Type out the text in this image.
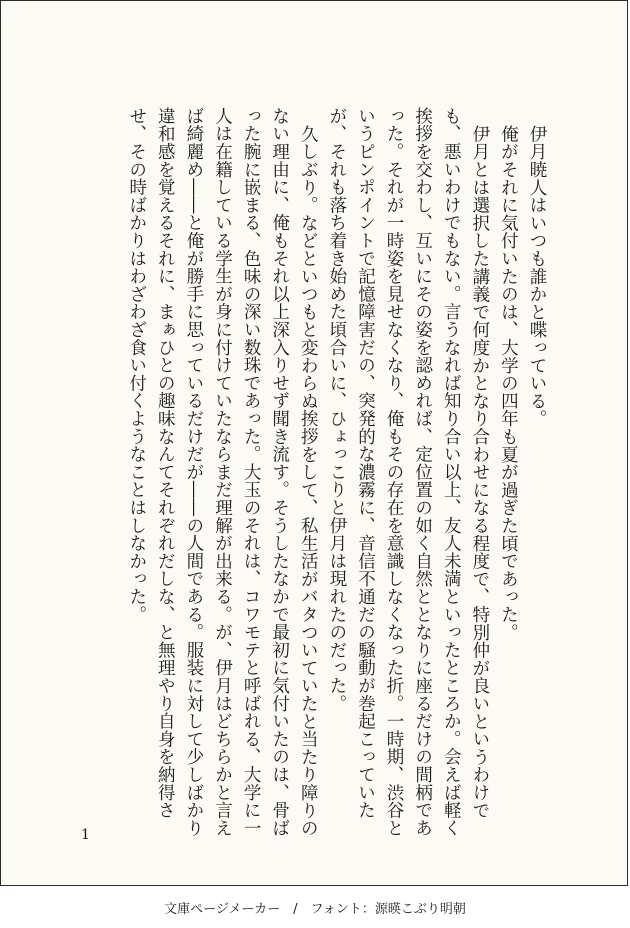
伊月暁人はいつも誰かと喋っている。

俺がそれに気付いたのは、大学の四年も夏が過ぎた頃であった。

伊月とは選択した講義で何度かとなり合わせになる程度で、特別仲が良いというわけでも、悪いわけでもない。言うなれば知り合い以上、友人未満といったところか。会えば軽く挨拶を交わし、互いにその姿を認めれば、定位置の如く自然ととなりに座るだけの間柄であった。それが一時姿を見せなくなり、俺もその存在を意識しなくなった折。一時期、渋谷というピンポイントで記憶障害だの、突発的な濃霧に、音信不通だの騒動が巻起こっていたが、それも落ち着き始めた頃合いに、ひょっこりと伊月は現れたのだった。

久しぶり。などといつもと変わらぬ挨拶をして、私生活がバタついていたと当たり障りのない理由に、俺もそれ以上深入りせず聞き流す。そうしたなかで最初に気付いたのは、骨ばった腕に嵌まる、色味の深い数珠であった。大玉のそれは、コワモテと呼ばれる、大学に一人は在籍している学生が身に付けていたならまだ理解が出来る。が、伊月はどちらかと言えば綺麗め――と俺が勝手に思っているだけだが――の人間である。服装に対して少しばかり違和感を覚えるそれに、まぁひとの趣味なんてそれぞれだしな、と無理やり自身を納得させ、その時ばかりはわざわざ食い付くようなことはしなかった。

1
文庫ページメーカー　/　フォント：源暎こぶり明朝
